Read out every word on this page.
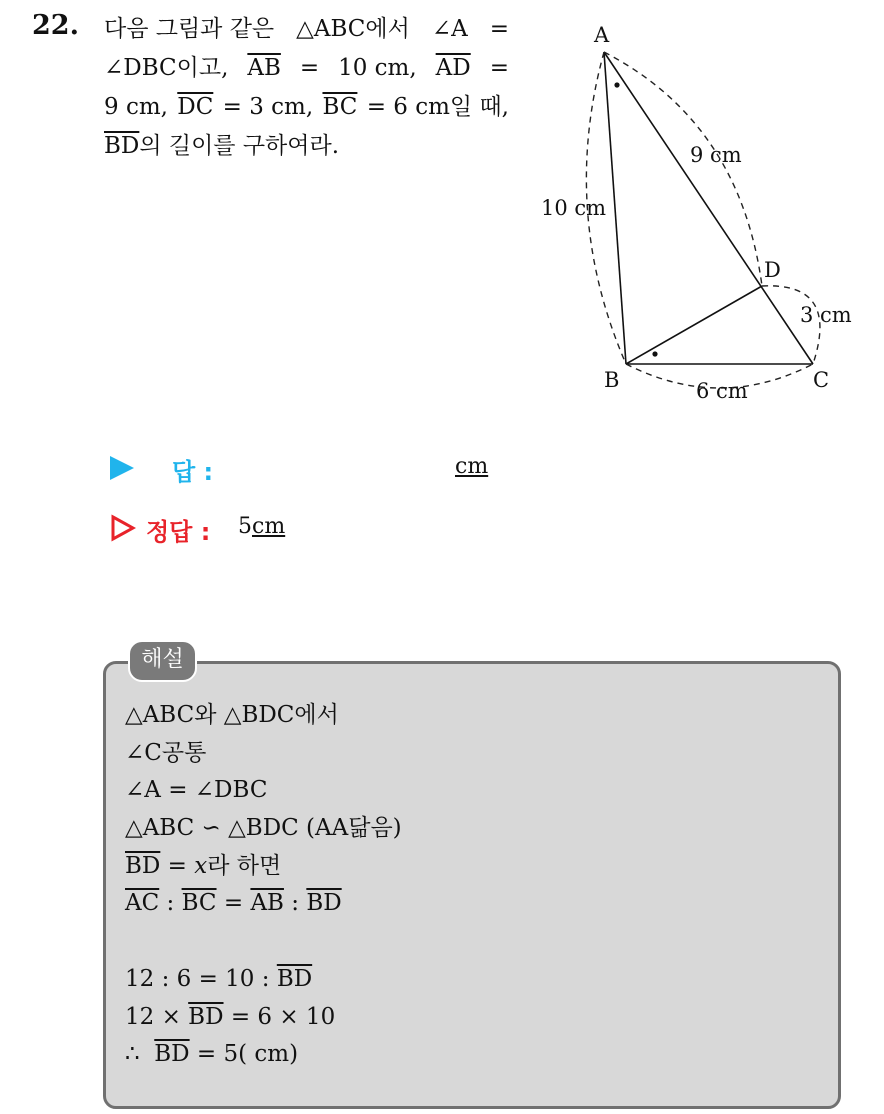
22. 다음 그림과 같은 △ABC에서 ∠A =
∠DBC이고, $\overline{AB} = 10$ cm, $\overline{AD}$ =
9 cm, $\overline{DC} = 3$ cm, $\overline{BC} = 6$ cm일 때,
$\overline{BD}$ 의 길이를 구하여라.
A
B	C
D
10 cm
9 cm
3 cm
6 cm
답 :	cm
정답 : 5cm
해설
△ABC와 △BDC에서
∠C공통
∠A = ∠DBC
△ABC ∽ △BDC (AA닮음)
$\overline{BD} = x$라 하면
$\overline{AC}$ : $\overline{BC} = \overline{AB}$ : $\overline{BD}$
12 : 6 = 10 : $\overline{BD}$
$12 \times \overline{BD} = 6 \times 10$
∴  $\overline{BD} = 5$( cm)
